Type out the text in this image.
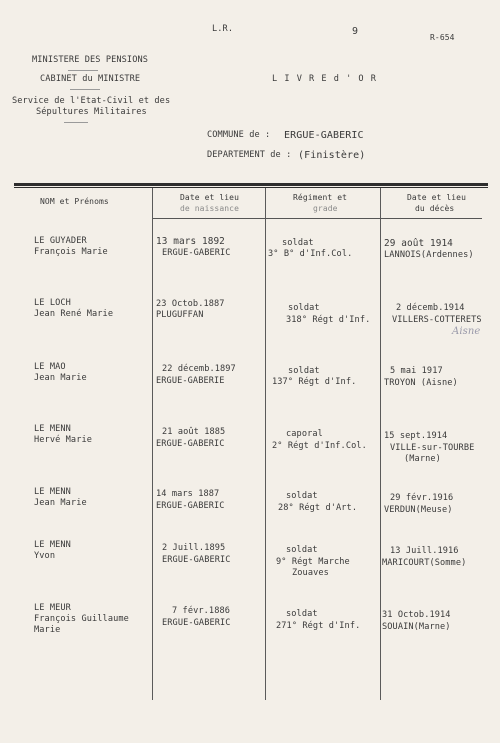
L.R.	9
R-654
MINISTERE DES PENSIONS
CABINET du MINISTRE
Service de l'Etat-Civil et des
Sépultures Militaires
L I V R E d ' O R
COMMUNE de : ERGUE-GABERIC
DEPARTEMENT de : (Finistère)
NOM et Prénoms	Date et lieu
de naissance
Régiment et
grade
Date et lieu
du décès
LE GUYADER
François Marie
13 mars 1892
ERGUE-GABERIC
soldat
3° B° d'Inf.Col.
29 août 1914
LANNOIS(Ardennes)
LE LOCH
Jean René Marie
23 Octob.1887
PLUGUFFAN
soldat
318° Régt d'Inf.
2 décemb.1914
VILLERS-COTTERETS
Aisne
LE MAO
Jean Marie
22 décemb.1897
ERGUE-GABERIE
soldat
137° Régt d'Inf.
5 mai 1917
TROYON (Aisne)
LE MENN
Hervé Marie
21 août 1885
ERGUE-GABERIC
caporal
2° Régt d'Inf.Col.
15 sept.1914
VILLE-sur-TOURBE
(Marne)
LE MENN
Jean Marie
14 mars 1887
ERGUE-GABERIC
soldat
28° Régt d'Art.
29 févr.1916
VERDUN(Meuse)
LE MENN
Yvon
2 Juill.1895
ERGUE-GABERIC
soldat
9° Régt Marche
Zouaves
13 Juill.1916
MARICOURT(Somme)
LE MEUR
François Guillaume
Marie
7 févr.1886
ERGUE-GABERIC
soldat
271° Régt d'Inf.
31 Octob.1914
SOUAIN(Marne)
